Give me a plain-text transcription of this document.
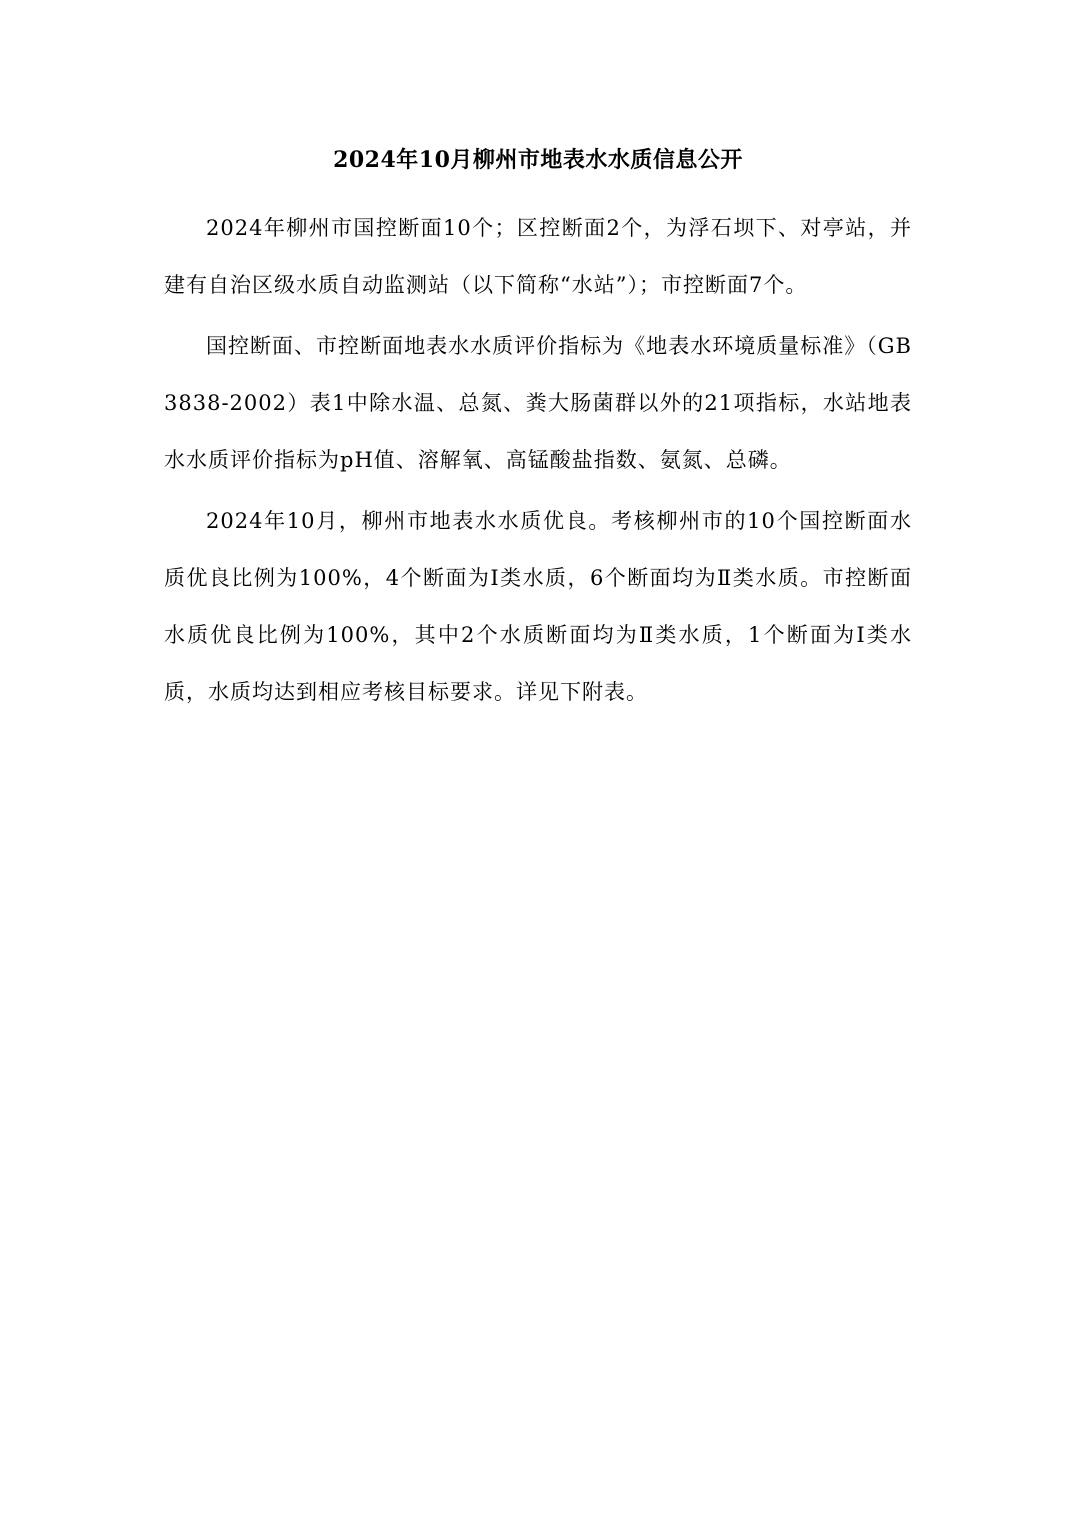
2024年10月柳州市地表水水质信息公开

2024年柳州市国控断面10个；区控断面2个，为浮石坝下、对亭站，并建有自治区级水质自动监测站（以下简称“水站”）；市控断面7个。

国控断面、市控断面地表水水质评价指标为《地表水环境质量标准》（GB 3838-2002）表1中除水温、总氮、粪大肠菌群以外的21项指标，水站地表水水质评价指标为pH值、溶解氧、高锰酸盐指数、氨氮、总磷。

2024年10月，柳州市地表水水质优良。考核柳州市的10个国控断面水质优良比例为100%，4个断面为Ⅰ类水质，6个断面均为Ⅱ类水质。市控断面水质优良比例为100%，其中2个水质断面均为Ⅱ类水质，1个断面为Ⅰ类水质，水质均达到相应考核目标要求。详见下附表。
